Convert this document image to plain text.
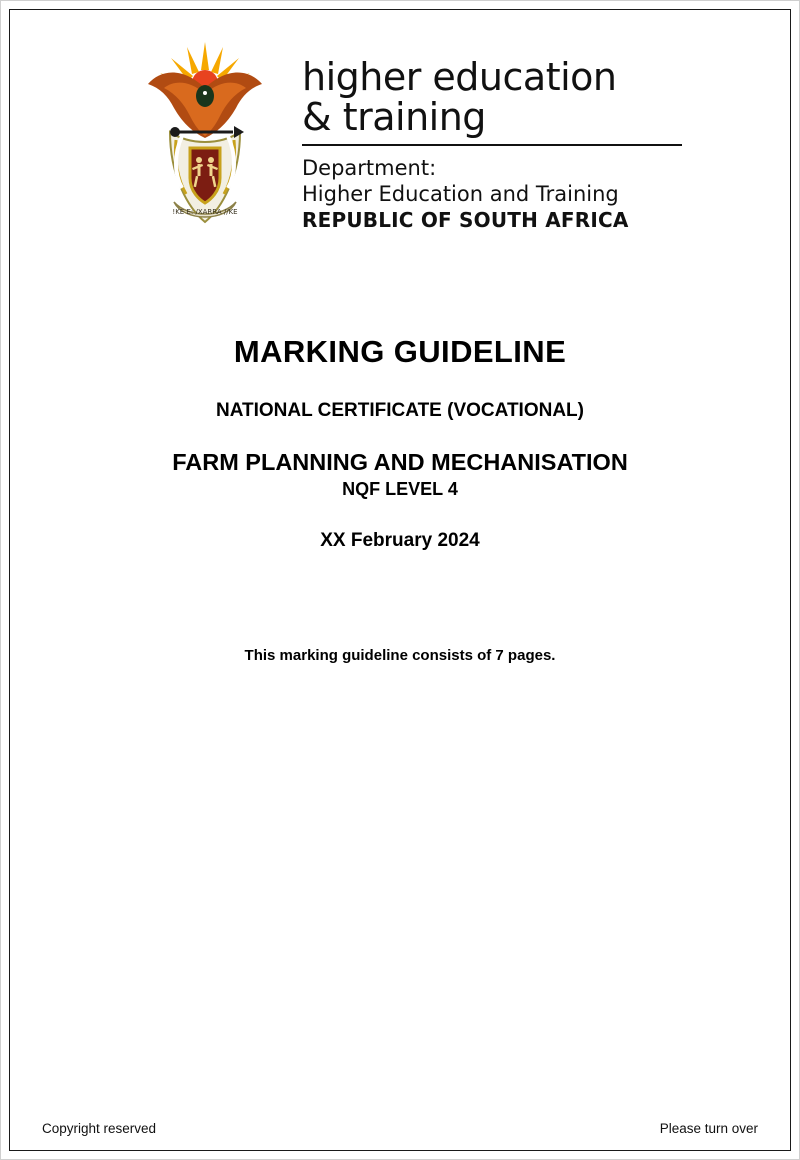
!KE E: /XARRA //KE
higher education
& training
Department:
Higher Education and Training
REPUBLIC OF SOUTH AFRICA
MARKING GUIDELINE
NATIONAL CERTIFICATE (VOCATIONAL)
FARM PLANNING AND MECHANISATION
NQF LEVEL 4
XX February 2024
This marking guideline consists of 7 pages.
Copyright reserved	Please turn over
